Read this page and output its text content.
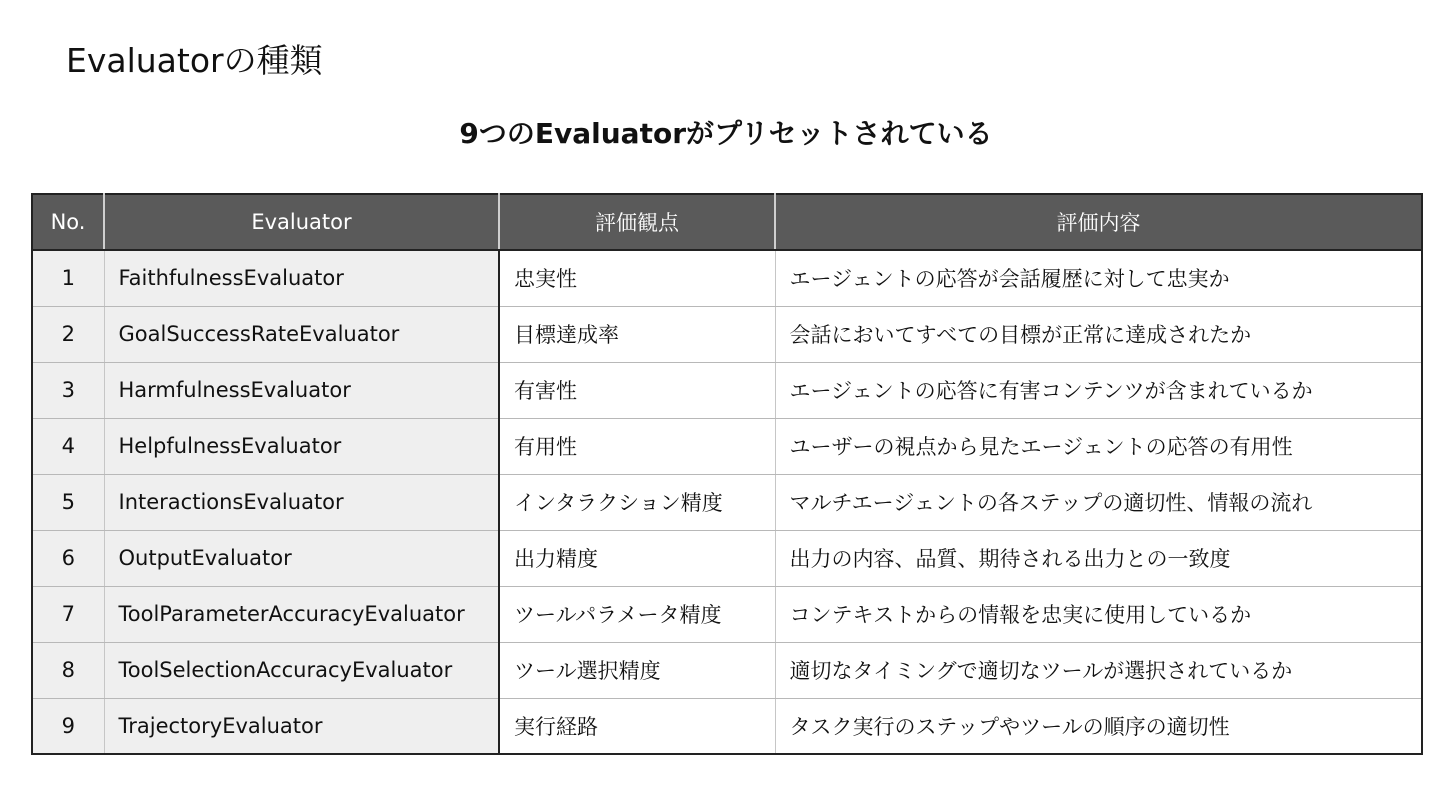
Evaluatorの種類
9つのEvaluatorがプリセットされている
No.	Evaluator	評価観点	評価内容
1	FaithfulnessEvaluator	忠実性	エージェントの応答が会話履歴に対して忠実か
2	GoalSuccessRateEvaluator	目標達成率	会話においてすべての目標が正常に達成されたか
3	HarmfulnessEvaluator	有害性	エージェントの応答に有害コンテンツが含まれているか
4	HelpfulnessEvaluator	有用性	ユーザーの視点から見たエージェントの応答の有用性
5	InteractionsEvaluator	インタラクション精度	マルチエージェントの各ステップの適切性、情報の流れ
6	OutputEvaluator	出力精度	出力の内容、品質、期待される出力との一致度
7	ToolParameterAccuracyEvaluator	ツールパラメータ精度	コンテキストからの情報を忠実に使用しているか
8	ToolSelectionAccuracyEvaluator	ツール選択精度	適切なタイミングで適切なツールが選択されているか
9	TrajectoryEvaluator	実行経路	タスク実行のステップやツールの順序の適切性
